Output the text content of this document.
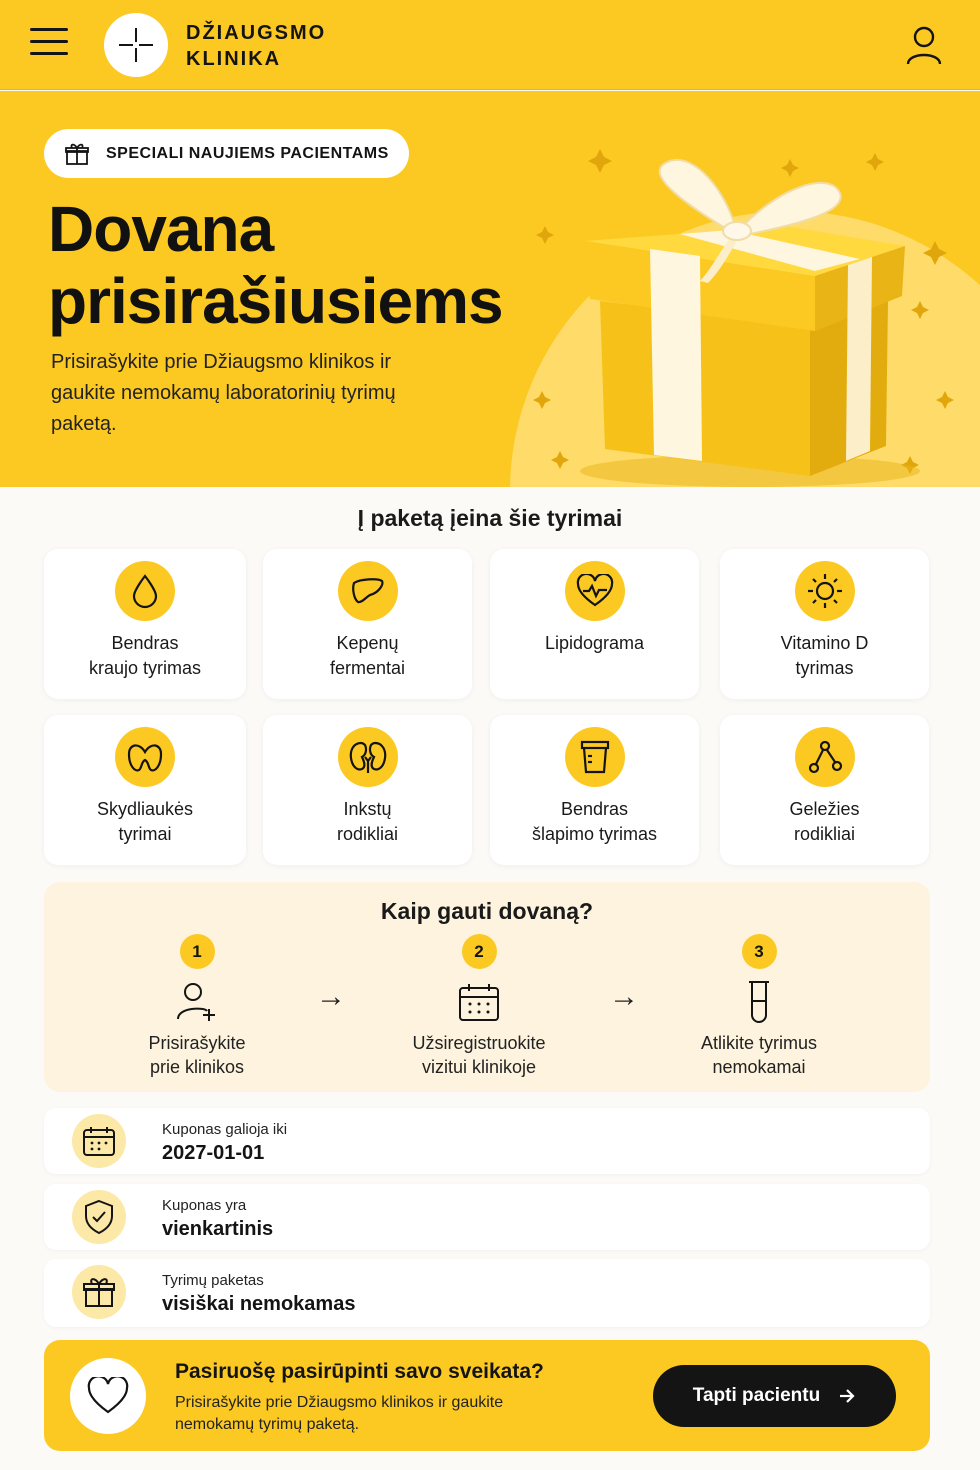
DŽIAUGSMO
KLINIKA
SPECIALI NAUJIEMS PACIENTAMS
Dovana
prisirašiusiems
Prisirašykite prie Džiaugsmo klinikos ir gaukite nemokamų laboratorinių tyrimų paketą.
Į paketą įeina šie tyrimai
Bendras
kraujo tyrimas
Kepenų
fermentai
Lipidograma	Vitamino D
tyrimas
Skydliaukės
tyrimai
Inkstų
rodikliai
Bendras
šlapimo tyrimas
Geležies
rodikliai
Kaip gauti dovaną?
1
Prisirašykite
prie klinikos
→
2
Užsiregistruokite
vizitui klinikoje
→
3
Atlikite tyrimus
nemokamai
Kuponas galioja iki
2027-01-01
Kuponas yra
vienkartinis
Tyrimų paketas
visiškai nemokamas
Pasiruošę pasirūpinti savo sveikata?
Prisirašykite prie Džiaugsmo klinikos ir gaukite nemokamų tyrimų paketą.
Tapti pacientu
